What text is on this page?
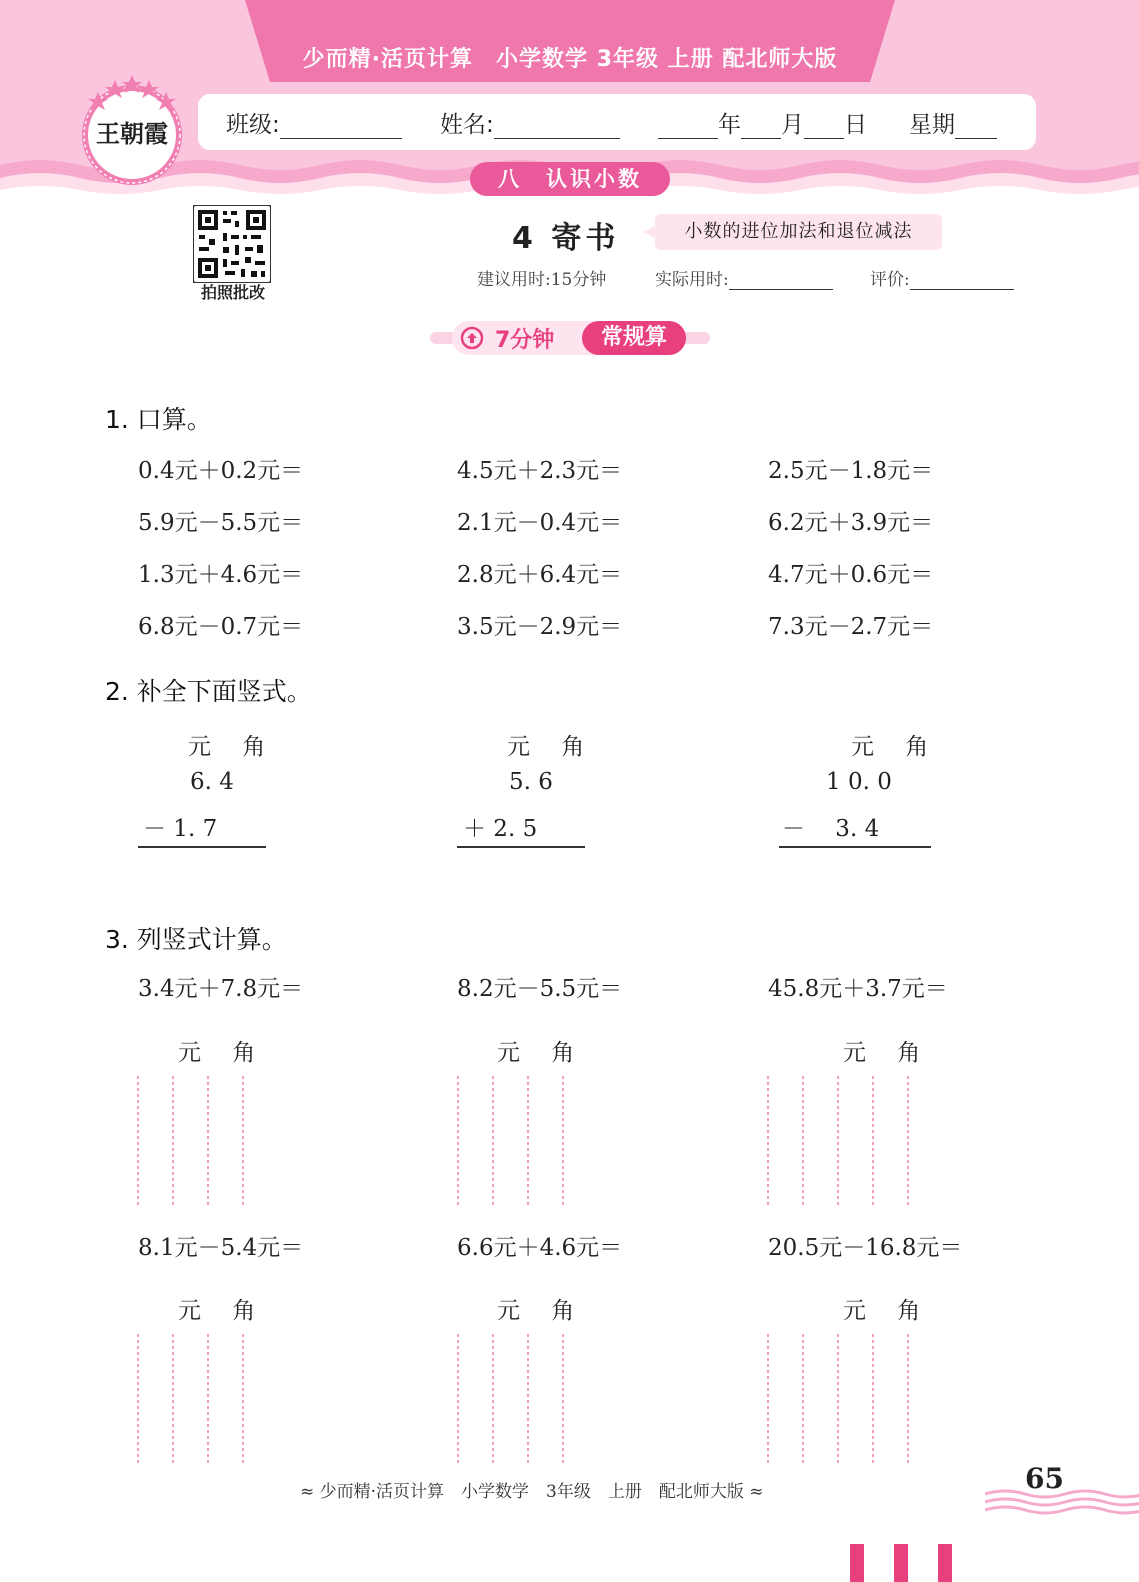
少而精·活页计算　小学数学 3年级 上册 配北师大版
王朝霞	班级:	姓名:	年 月 日 星期
八　认识小数
拍照批改
4 寄书	小数的进位加法和退位减法
建议用时:15分钟	实际用时:	评价:
7分钟	常规算
1. 口算。
0.4元＋0.2元＝	4.5元＋2.3元＝	2.5元－1.8元＝
5.9元－5.5元＝	2.1元－0.4元＝	6.2元＋3.9元＝
1.3元＋4.6元＝	2.8元＋6.4元＝	4.7元＋0.6元＝
6.8元－0.7元＝	3.5元－2.9元＝	7.3元－2.7元＝
2. 补全下面竖式。
元 角
6. 4
－ 1. 7
元 角
5. 6
＋ 2. 5
元 角
1 0. 0
－　 3. 4
3. 列竖式计算。
3.4元＋7.8元＝	8.2元－5.5元＝	45.8元＋3.7元＝
元 角	元 角	元 角
8.1元－5.4元＝	6.6元＋4.6元＝	20.5元－16.8元＝
元 角	元 角	元 角
≈ 少而精·活页计算　小学数学　3年级　上册　配北师大版 ≈	65
